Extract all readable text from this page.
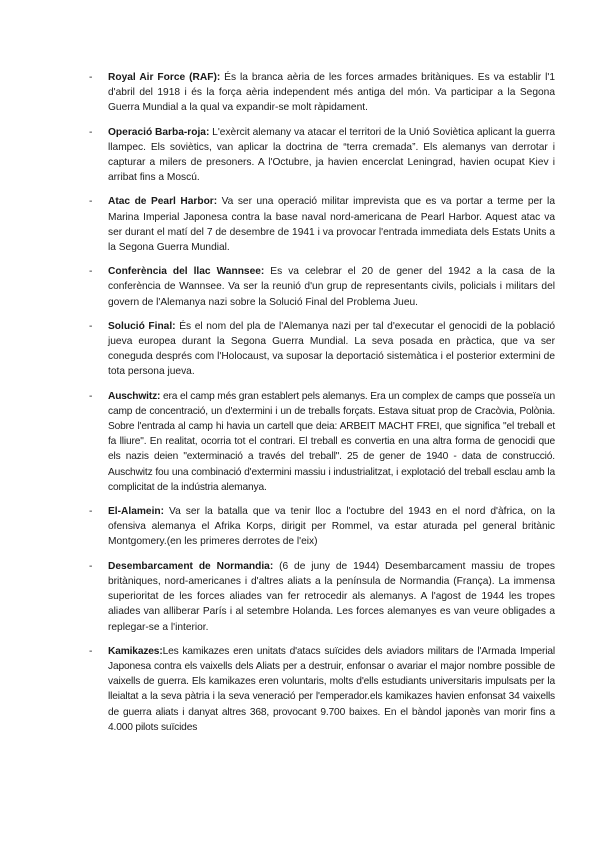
-	Royal Air Force (RAF): És la branca aèria de les forces armades britàniques. Es va establir l'1 d'abril del 1918 i és la força aèria independent més antiga del món. Va participar a la Segona Guerra Mundial a la qual va expandir-se molt ràpidament.
-	Operació Barba-roja: L'exèrcit alemany va atacar el territori de la Unió Soviètica aplicant la guerra llampec. Els soviètics, van aplicar la doctrina de “terra cremada”. Els alemanys van derrotar i capturar a milers de presoners. A l'Octubre, ja havien encerclat Leningrad, havien ocupat Kiev i arribat fins a Moscú.
-	Atac de Pearl Harbor: Va ser una operació militar imprevista que es va portar a terme per la Marina Imperial Japonesa contra la base naval nord-americana de Pearl Harbor. Aquest atac va ser durant el matí del 7 de desembre de 1941 i va provocar l'entrada immediata dels Estats Units a la Segona Guerra Mundial.
-	Conferència del llac Wannsee: Es va celebrar el 20 de gener del 1942 a la casa de la conferència de Wannsee. Va ser la reunió d'un grup de representants civils, policials i militars del govern de l'Alemanya nazi sobre la Solució Final del Problema Jueu.
-	Solució Final: És el nom del pla de l'Alemanya nazi per tal d'executar el genocidi de la població jueva europea durant la Segona Guerra Mundial. La seva posada en pràctica, que va ser coneguda després com l'Holocaust, va suposar la deportació sistemàtica i el posterior extermini de tota persona jueva.
-	Auschwitz: era el camp més gran establert pels alemanys. Era un complex de camps que posseïa un camp de concentració, un d'extermini i un de treballs forçats. Estava situat prop de Cracòvia, Polònia. Sobre l'entrada al camp hi havia un cartell que deia: ARBEIT MACHT FREI, que significa "el treball et fa lliure". En realitat, ocorria tot el contrari. El treball es convertia en una altra forma de genocidi que els nazis deien "exterminació a través del treball". 25 de gener de 1940 - data de construcció. Auschwitz fou una combinació d'extermini massiu i industrialitzat, i explotació del treball esclau amb la complicitat de la indústria alemanya.
-	El-Alamein: Va ser la batalla que va tenir lloc a l'octubre del 1943 en el nord d'àfrica, on la ofensiva alemanya el Afrika Korps, dirigit per Rommel, va estar aturada pel general britànic Montgomery.(en les primeres derrotes de l'eix)
-	Desembarcament de Normandia: (6 de juny de 1944) Desembarcament massiu de tropes britàniques, nord-americanes i d'altres aliats a la península de Normandia (França). La immensa superioritat de les forces aliades van fer retrocedir als alemanys. A l'agost de 1944 les tropes aliades van alliberar París i al setembre Holanda. Les forces alemanyes es van veure obligades a replegar-se a l'interior.
-	Kamikazes:Les kamikazes eren unitats d'atacs suïcides dels aviadors militars de l'Armada Imperial Japonesa contra els vaixells dels Aliats per a destruir, enfonsar o avariar el major nombre possible de vaixells de guerra. Els kamikazes eren voluntaris, molts d'ells estudiants universitaris impulsats per la lleialtat a la seva pàtria i la seva veneració per l'emperador.els kamikazes havien enfonsat 34 vaixells de guerra aliats i danyat altres 368, provocant 9.700 baixes. En el bàndol japonès van morir fins a 4.000 pilots suïcides
